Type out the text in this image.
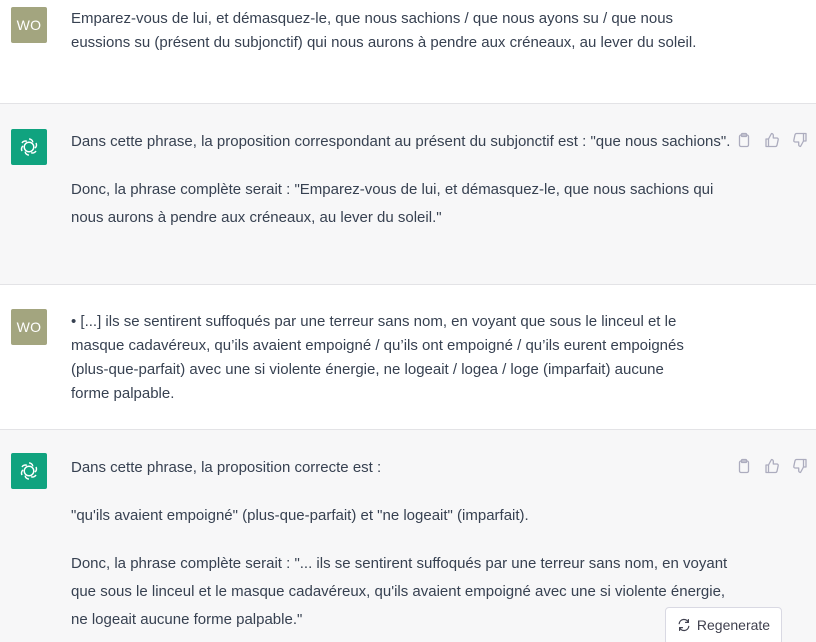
WO Emparez-vous de lui, et démasquez-le, que nous sachions / que nous ayons su / que nous eussions su (présent du subjonctif) qui nous aurons à pendre aux créneaux, au lever du soleil.

Dans cette phrase, la proposition correspondant au présent du subjonctif est : "que nous sachions".

Donc, la phrase complète serait : "Emparez-vous de lui, et démasquez-le, que nous sachions qui nous aurons à pendre aux créneaux, au lever du soleil."

WO • [...] ils se sentirent suffoqués par une terreur sans nom, en voyant que sous le linceul et le masque cadavéreux, qu’ils avaient empoigné / qu’ils ont empoigné / qu’ils eurent empoignés (plus-que-parfait) avec une si violente énergie, ne logeait / logea / loge (imparfait) aucune forme palpable.

Dans cette phrase, la proposition correcte est :

"qu'ils avaient empoigné" (plus-que-parfait) et "ne logeait" (imparfait).

Donc, la phrase complète serait : "... ils se sentirent suffoqués par une terreur sans nom, en voyant que sous le linceul et le masque cadavéreux, qu'ils avaient empoigné avec une si violente énergie, ne logeait aucune forme palpable."	Regenerate
